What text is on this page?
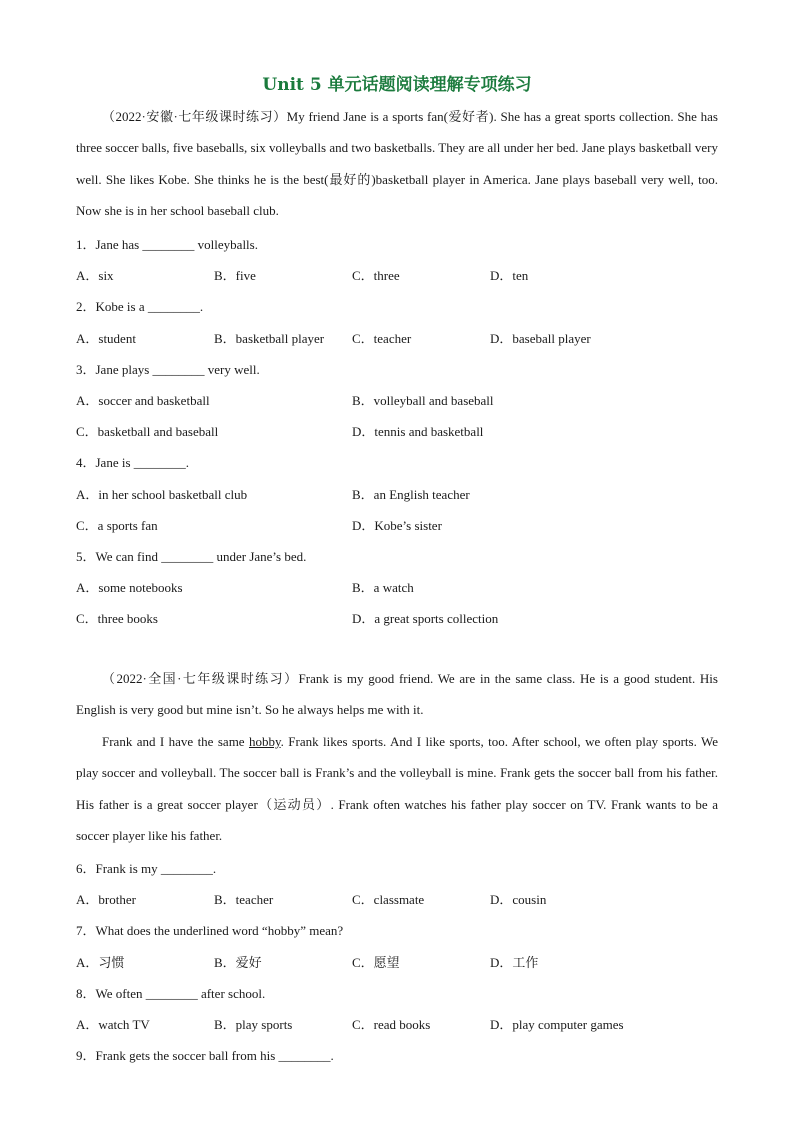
Unit 5 单元话题阅读理解专项练习

（2022·安徽·七年级课时练习）My friend Jane is a sports fan(爱好者). She has a great sports collection. She has three soccer balls, five baseballs, six volleyballs and two basketballs. They are all under her bed. Jane plays basketball very well. She likes Kobe. She thinks he is the best(最好的)basketball player in America. Jane plays baseball very well, too. Now she is in her school baseball club.

1．Jane has ________ volleyballs.
A．six	B．five	C．three	D．ten
2．Kobe is a ________.
A．student	B．basketball player C．teacher	D．baseball player
3．Jane plays ________ very well.
A．soccer and basketball	B．volleyball and baseball
C．basketball and baseball	D．tennis and basketball
4．Jane is ________.
A．in her school basketball club	B．an English teacher
C．a sports fan	D．Kobe’s sister
5．We can find ________ under Jane’s bed.
A．some notebooks	B．a watch
C．three books	D．a great sports collection

（2022·全国·七年级课时练习）Frank is my good friend. We are in the same class. He is a good student. His English is very good but mine isn’t. So he always helps me with it.

Frank and I have the same hobby. Frank likes sports. And I like sports, too. After school, we often play sports. We play soccer and volleyball. The soccer ball is Frank’s and the volleyball is mine. Frank gets the soccer ball from his father. His father is a great soccer player（运动员）. Frank often watches his father play soccer on TV. Frank wants to be a soccer player like his father.

6．Frank is my ________.
A．brother	B．teacher	C．classmate	D．cousin
7．What does the underlined word “hobby” mean?
A．习惯	B．爱好	C．愿望	D．工作
8．We often ________ after school.
A．watch TV	B．play sports	C．read books	D．play computer games
9．Frank gets the soccer ball from his ________.
